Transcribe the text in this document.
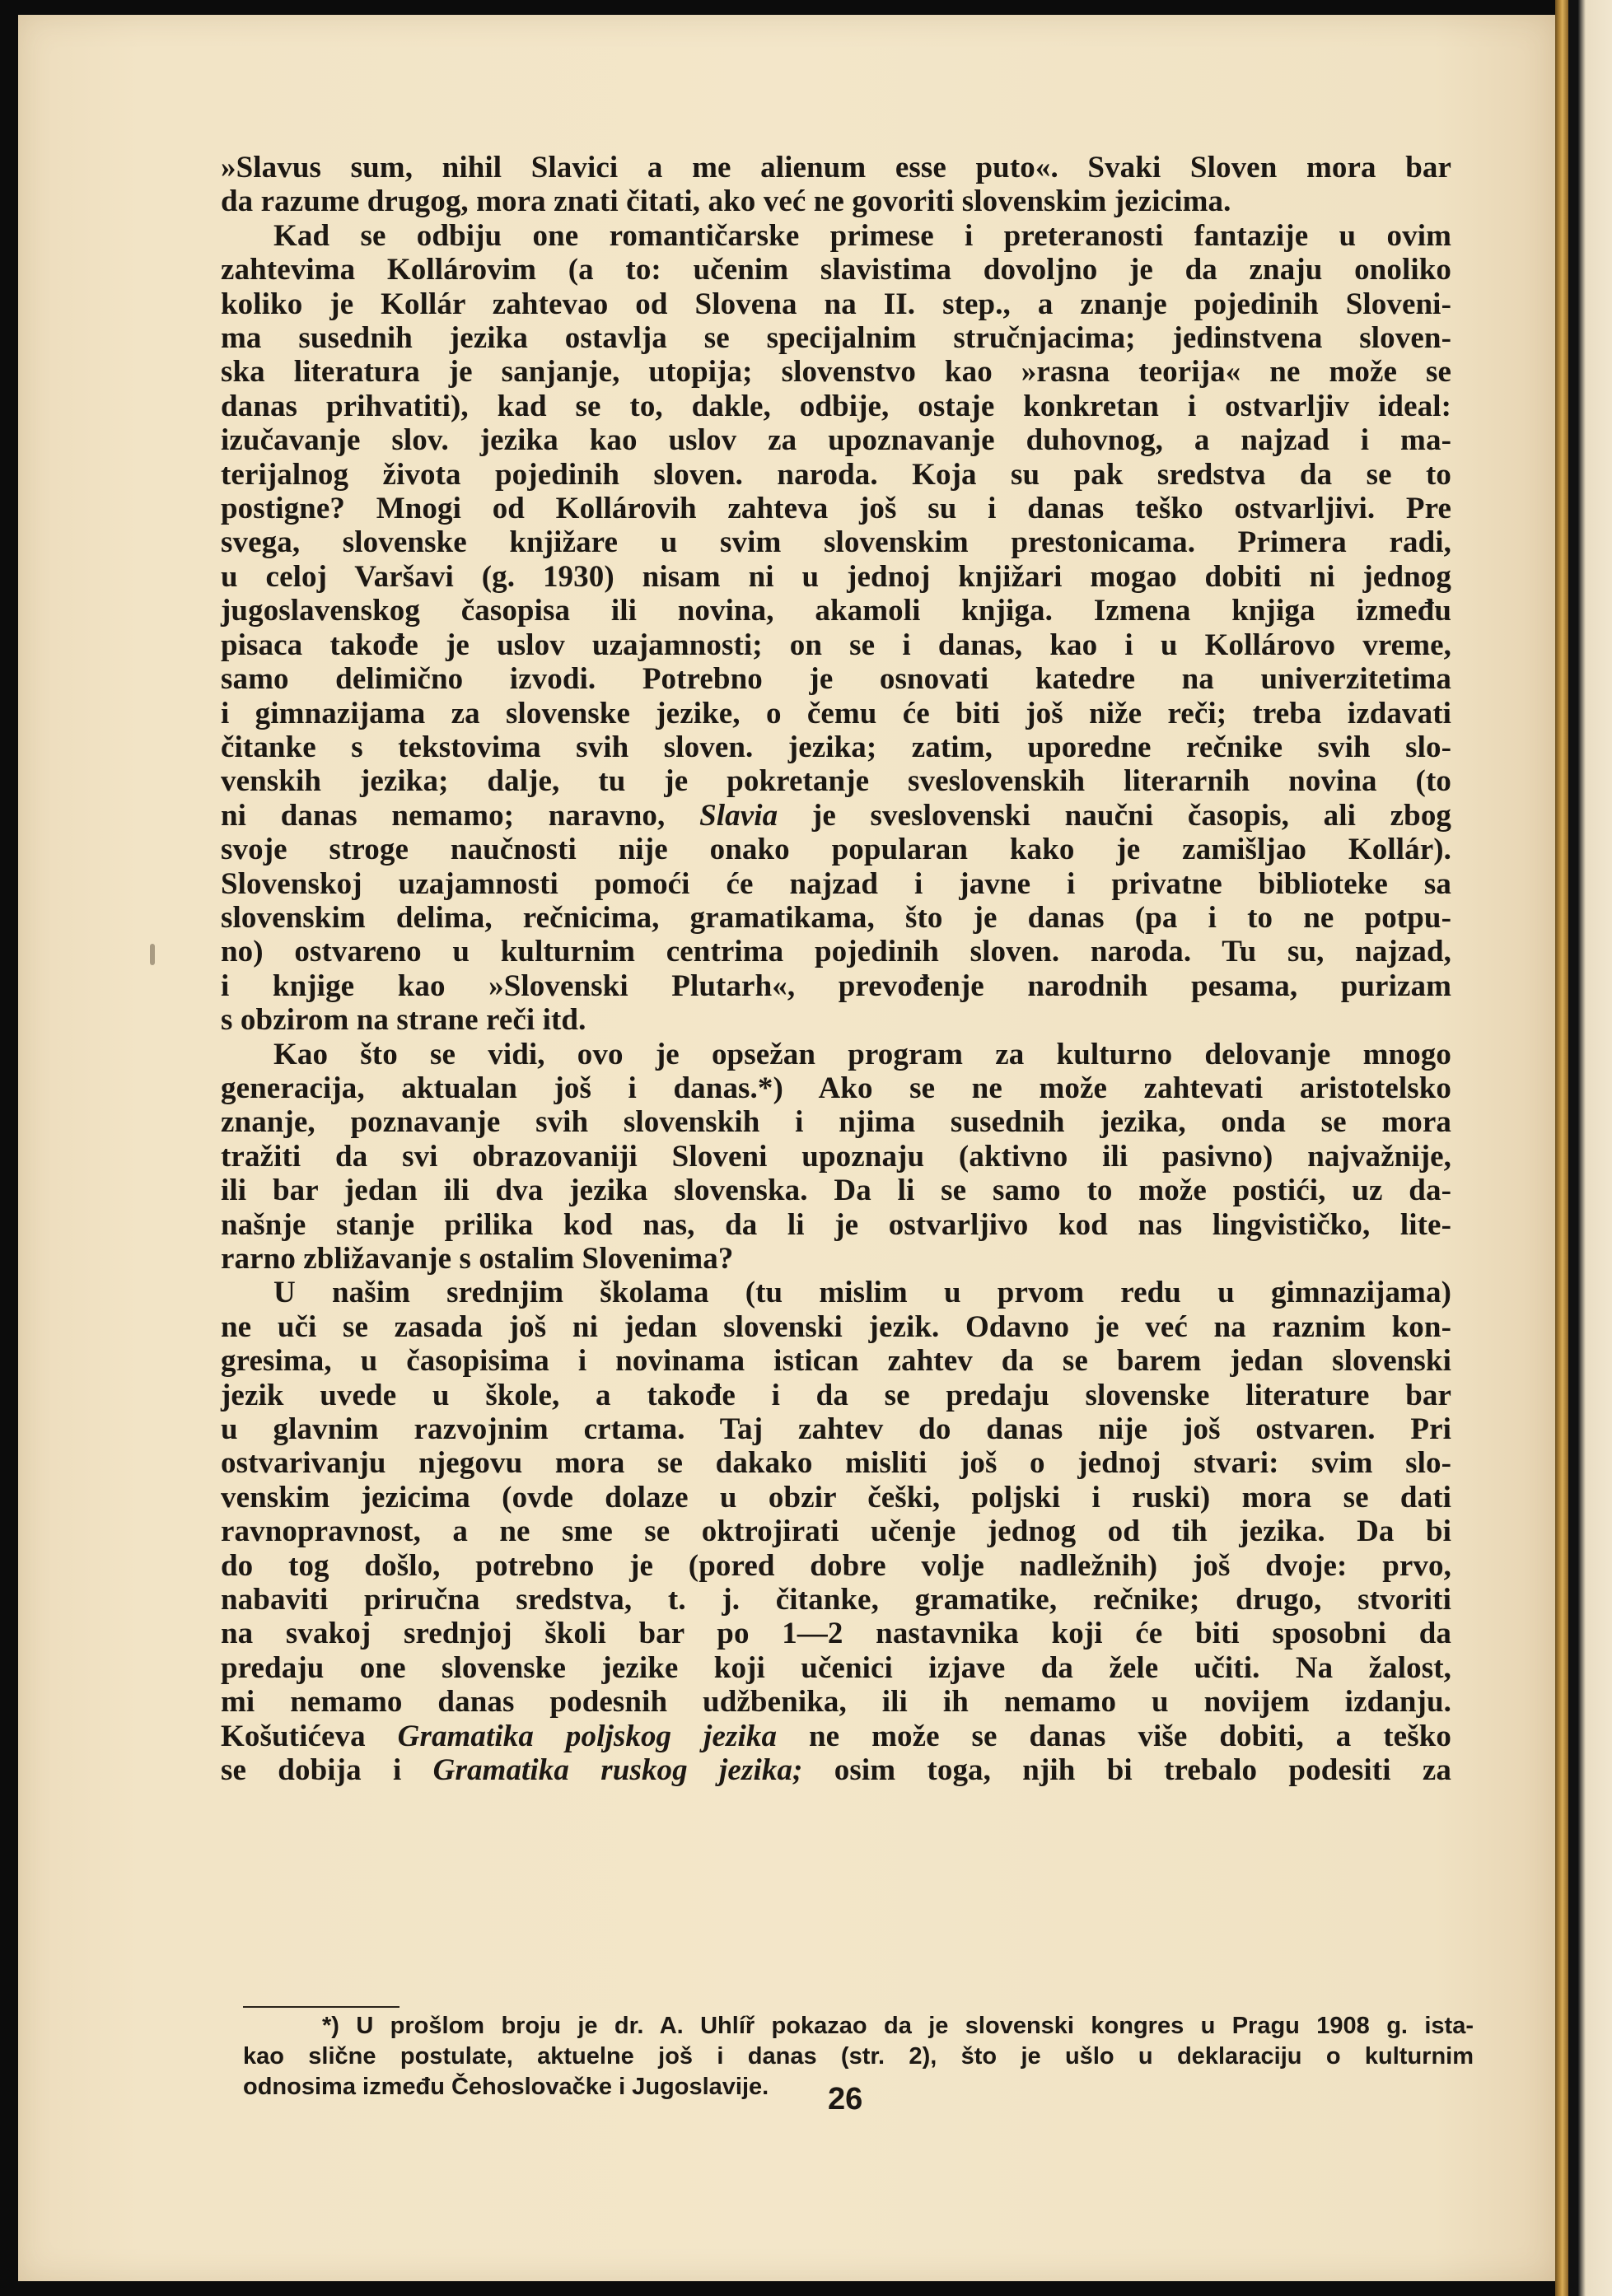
»Slavus sum, nihil Slavici a me alienum esse puto«. Svaki Sloven mora bar

da razume drugog, mora znati čitati, ako već ne govoriti slovenskim jezicima.

Kad se odbiju one romantičarske primese i preteranosti fantazije u ovim

zahtevima Kollárovim (a to: učenim slavistima dovoljno je da znaju onoliko

koliko je Kollár zahtevao od Slovena na II. step., a znanje pojedinih Sloveni-

ma susednih jezika ostavlja se specijalnim stručnjacima; jedinstvena sloven-

ska literatura je sanjanje, utopija; slovenstvo kao »rasna teorija« ne može se

danas prihvatiti), kad se to, dakle, odbije, ostaje konkretan i ostvarljiv ideal:

izučavanje slov. jezika kao uslov za upoznavanje duhovnog, a najzad i ma-

terijalnog života pojedinih sloven. naroda. Koja su pak sredstva da se to

postigne? Mnogi od Kollárovih zahteva još su i danas teško ostvarljivi. Pre

svega, slovenske knjižare u svim slovenskim prestonicama. Primera radi,

u celoj Varšavi (g. 1930) nisam ni u jednoj knjižari mogao dobiti ni jednog

jugoslavenskog časopisa ili novina, akamoli knjiga. Izmena knjiga između

pisaca takođe je uslov uzajamnosti; on se i danas, kao i u Kollárovo vreme,

samo delimično izvodi. Potrebno je osnovati katedre na univerzitetima

i gimnazijama za slovenske jezike, o čemu će biti još niže reči; treba izdavati

čitanke s tekstovima svih sloven. jezika; zatim, uporedne rečnike svih slo-

venskih jezika; dalje, tu je pokretanje sveslovenskih literarnih novina (to

ni danas nemamo; naravno, Slavia je sveslovenski naučni časopis, ali zbog

svoje stroge naučnosti nije onako popularan kako je zamišljao Kollár).

Slovenskoj uzajamnosti pomoći će najzad i javne i privatne biblioteke sa

slovenskim delima, rečnicima, gramatikama, što je danas (pa i to ne potpu-

no) ostvareno u kulturnim centrima pojedinih sloven. naroda. Tu su, najzad,

i knjige kao »Slovenski Plutarh«, prevođenje narodnih pesama, purizam

s obzirom na strane reči itd.

Kao što se vidi, ovo je opsežan program za kulturno delovanje mnogo

generacija, aktualan još i danas.*) Ako se ne može zahtevati aristotelsko

znanje, poznavanje svih slovenskih i njima susednih jezika, onda se mora

tražiti da svi obrazovaniji Sloveni upoznaju (aktivno ili pasivno) najvažnije,

ili bar jedan ili dva jezika slovenska. Da li se samo to može postići, uz da-

našnje stanje prilika kod nas, da li je ostvarljivo kod nas lingvističko, lite-

rarno zbližavanje s ostalim Slovenima?

U našim srednjim školama (tu mislim u prvom redu u gimnazijama)

ne uči se zasada još ni jedan slovenski jezik. Odavno je već na raznim kon-

gresima, u časopisima i novinama istican zahtev da se barem jedan slovenski

jezik uvede u škole, a takođe i da se predaju slovenske literature bar

u glavnim razvojnim crtama. Taj zahtev do danas nije još ostvaren. Pri

ostvarivanju njegovu mora se dakako misliti još o jednoj stvari: svim slo-

venskim jezicima (ovde dolaze u obzir češki, poljski i ruski) mora se dati

ravnopravnost, a ne sme se oktrojirati učenje jednog od tih jezika. Da bi

do tog došlo, potrebno je (pored dobre volje nadležnih) još dvoje: prvo,

nabaviti priručna sredstva, t. j. čitanke, gramatike, rečnike; drugo, stvoriti

na svakoj srednjoj školi bar po 1—2 nastavnika koji će biti sposobni da

predaju one slovenske jezike koji učenici izjave da žele učiti. Na žalost,

mi nemamo danas podesnih udžbenika, ili ih nemamo u novijem izdanju.

Košutićeva Gramatika poljskog jezika ne može se danas više dobiti, a teško

se dobija i Gramatika ruskog jezika; osim toga, njih bi trebalo podesiti za

*) U prošlom broju je dr. A. Uhlíř pokazao da je slovenski kongres u Pragu 1908 g. ista-

kao slične postulate, aktuelne još i danas (str. 2), što je ušlo u deklaraciju o kulturnim

odnosima između Čehoslovačke i Jugoslavije.	26
